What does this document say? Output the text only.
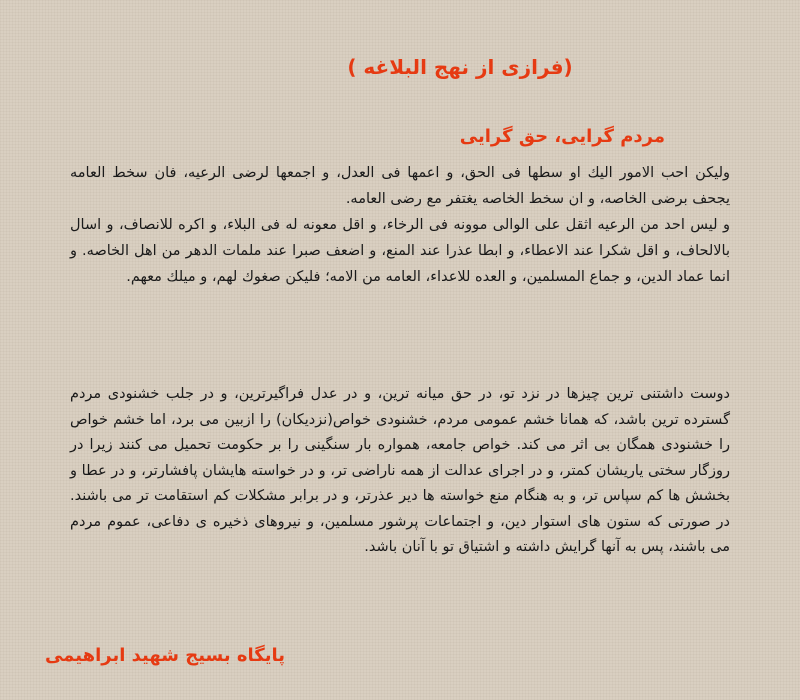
(فرازی از نهج البلاغه )
مردم گرایی، حق گرایی

وليكن احب الامور اليك او سطها فى الحق، و اعمها فى العدل، و اجمعها لرضى الرعيه، فان سخط العامه يجحف برضى الخاصه، و ان سخط الخاصه يغتفر مع رضى العامه.

و ليس احد من الرعيه اثقل على الوالى موونه فى الرخاء، و اقل معونه له فى البلاء، و اكره للانصاف، و اسال بالالحاف، و اقل شكرا عند الاعطاء، و ابطا عذرا عند المنع، و اضعف صبرا عند ملمات الدهر من اهل الخاصه. و انما عماد الدين، و جماع المسلمين، و العده للاعداء، العامه من الامه؛ فليكن صغوك لهم، و ميلك معهم.

دوست داشتنی ترین چیزها در نزد تو، در حق میانه ترین، و در عدل فراگیرترین، و در جلب خشنودی مردم گسترده ترین باشد، که همانا خشم عمومی مردم، خشنودی خواص(نزدیکان) را ازبین می برد، اما خشم خواص را خشنودی همگان بی اثر می کند. خواص جامعه، همواره بار سنگینی را بر حکومت تحمیل می کنند زیرا در روزگار سختی یاریشان کمتر، و در اجرای عدالت از همه ناراضی تر، و در خواسته هایشان پافشارتر، و در عطا و بخشش ها کم سپاس تر، و به هنگام منع خواسته ها دیر عذرتر، و در برابر مشکلات کم استقامت تر می باشند. در صورتی که ستون های استوار دین، و اجتماعات پرشور مسلمین، و نیروهای ذخیره ی دفاعی، عموم مردم می باشند، پس به آنها گرایش داشته و اشتیاق تو با آنان باشد.

پایگاه بسیج شهید ابراهیمی
